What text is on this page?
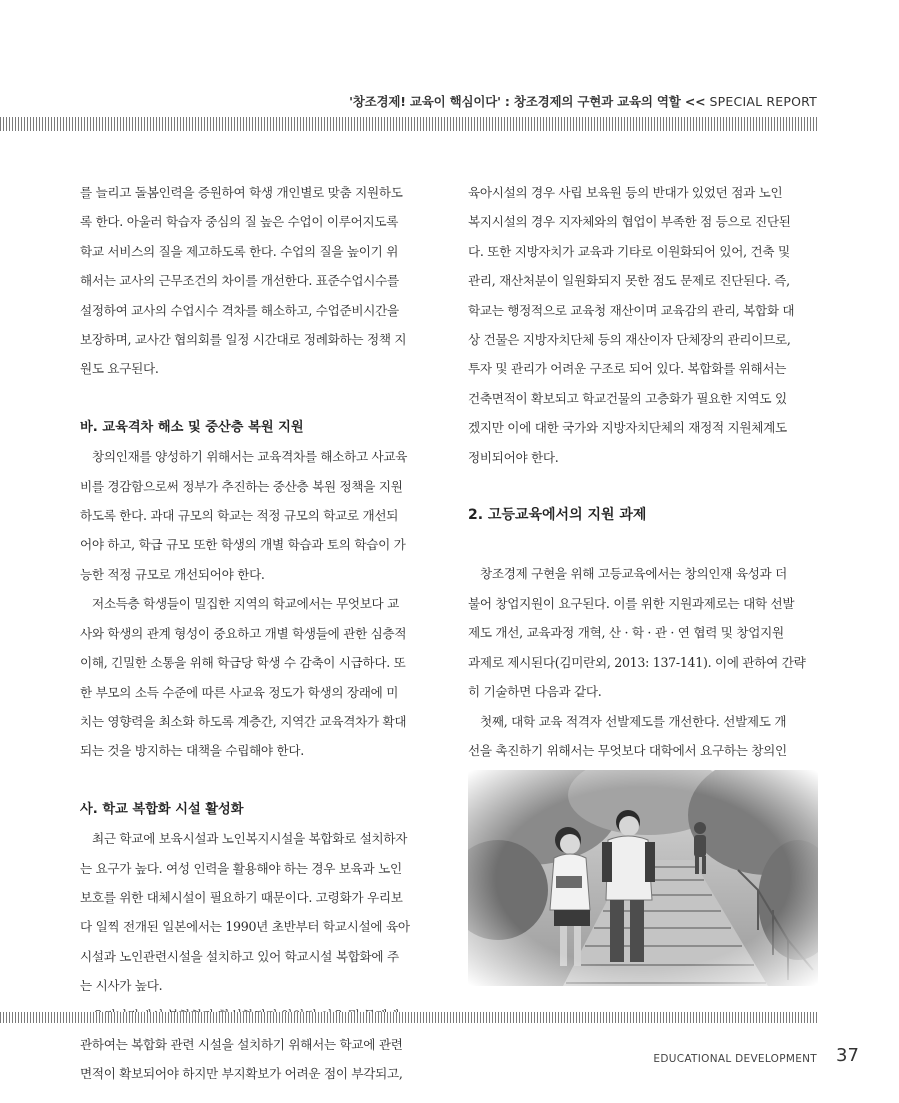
'창조경제! 교육이 핵심이다' : 창조경제의 구현과 교육의 역할 << SPECIAL REPORT
를 늘리고 돌봄인력을 증원하여 학생 개인별로 맞춤 지원하도
록 한다. 아울러 학습자 중심의 질 높은 수업이 이루어지도록
학교 서비스의 질을 제고하도록 한다. 수업의 질을 높이기 위
해서는 교사의 근무조건의 차이를 개선한다. 표준수업시수를
설정하여 교사의 수업시수 격차를 해소하고, 수업준비시간을
보장하며, 교사간 협의회를 일정 시간대로 정례화하는 정책 지
원도 요구된다.
바. 교육격차 해소 및 중산층 복원 지원
창의인재를 양성하기 위해서는 교육격차를 해소하고 사교육
비를 경감함으로써 정부가 추진하는 중산층 복원 정책을 지원
하도록 한다. 과대 규모의 학교는 적정 규모의 학교로 개선되
어야 하고, 학급 규모 또한 학생의 개별 학습과 토의 학습이 가
능한 적정 규모로 개선되어야 한다.
저소득층 학생들이 밀집한 지역의 학교에서는 무엇보다 교
사와 학생의 관계 형성이 중요하고 개별 학생들에 관한 심층적
이해, 긴밀한 소통을 위해 학급당 학생 수 감축이 시급하다. 또
한 부모의 소득 수준에 따른 사교육 정도가 학생의 장래에 미
치는 영향력을 최소화 하도록 계층간, 지역간 교육격차가 확대
되는 것을 방지하는 대책을 수립해야 한다.
사. 학교 복합화 시설 활성화
최근 학교에 보육시설과 노인복지시설을 복합화로 설치하자
는 요구가 높다. 여성 인력을 활용해야 하는 경우 보육과 노인
보호를 위한 대체시설이 필요하기 때문이다. 고령화가 우리보
다 일찍 전개된 일본에서는 1990년 초반부터 학교시설에 육아
시설과 노인관련시설을 설치하고 있어 학교시설 복합화에 주
는 시사가 높다.
관하여는 복합화 관련 시설을 설치하기 위해서는 학교에 관련
면적이 확보되어야 하지만 부지확보가 어려운 점이 부각되고,
육아시설의 경우 사립 보육원 등의 반대가 있었던 점과 노인
복지시설의 경우 지자체와의 협업이 부족한 점 등으로 진단된
다. 또한 지방자치가 교육과 기타로 이원화되어 있어, 건축 및
관리, 재산처분이 일원화되지 못한 점도 문제로 진단된다. 즉,
학교는 행정적으로 교육청 재산이며 교육감의 관리, 복합화 대
상 건물은 지방자치단체 등의 재산이자 단체장의 관리이므로,
투자 및 관리가 어려운 구조로 되어 있다. 복합화를 위해서는
건축면적이 확보되고 학교건물의 고층화가 필요한 지역도 있
겠지만 이에 대한 국가와 지방자치단체의 재정적 지원체계도
정비되어야 한다.
2. 고등교육에서의 지원 과제
창조경제 구현을 위해 고등교육에서는 창의인재 육성과 더
불어 창업지원이 요구된다. 이를 위한 지원과제로는 대학 선발
제도 개선, 교육과정 개혁, 산 · 학 · 관 · 연 협력 및 창업지원
과제로 제시된다(김미란외, 2013: 137-141). 이에 관하여 간략
히 기술하면 다음과 같다.
첫째, 대학 교육 적격자 선발제도를 개선한다. 선발제도 개
선을 촉진하기 위해서는 무엇보다 대학에서 요구하는 창의인
EDUCATIONAL DEVELOPMENT 37
